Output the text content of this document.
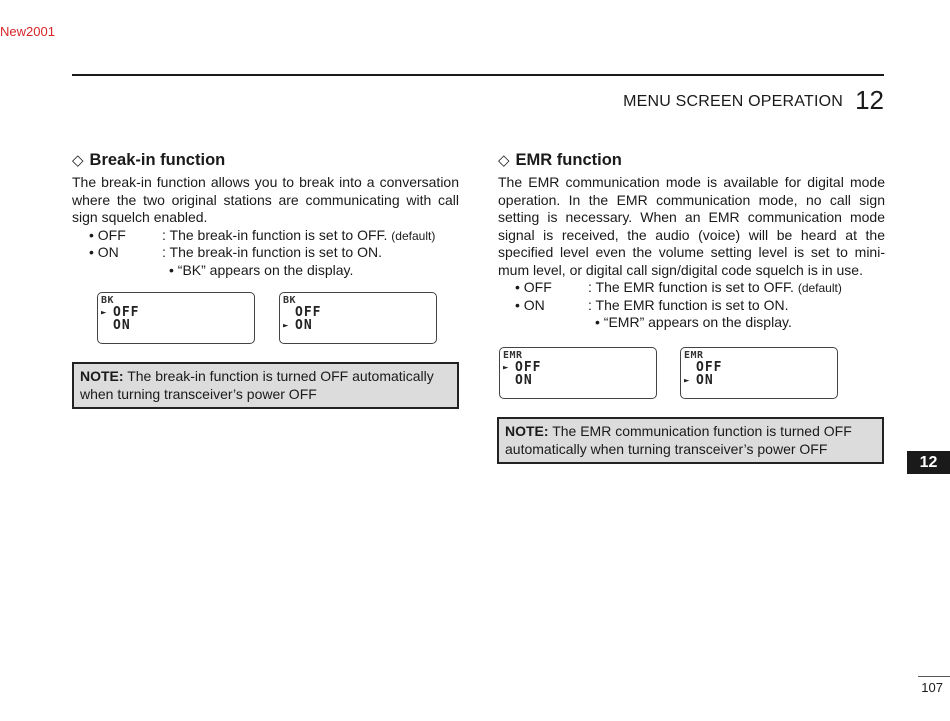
New2001
MENU SCREEN OPERATION 12
◇ Break-in function

The break-in function allows you to break into a conversation where the two original stations are communicating with call sign squelch enabled.

• OFF	: The break-in function is set to OFF. (default)
• ON	: The break-in function is set to ON.
• “BK” appears on the display.
BK
► OFF
ON
BK
OFF
► ON
NOTE: The break-in function is turned OFF automatically when turning transceiver’s power OFF
◇ EMR function

The EMR communication mode is available for digital mode operation. In the EMR communication mode, no call sign setting is necessary. When an EMR communication mode signal is received, the audio (voice) will be heard at the specified level even the volume setting level is set to mini-mum level, or digital call sign/digital code squelch is in use.

• OFF	: The EMR function is set to OFF. (default)
• ON	: The EMR function is set to ON.
• “EMR” appears on the display.
EMR
► OFF
ON
EMR
OFF
► ON
NOTE: The EMR communication function is turned OFF automatically when turning transceiver’s power OFF
12
107
